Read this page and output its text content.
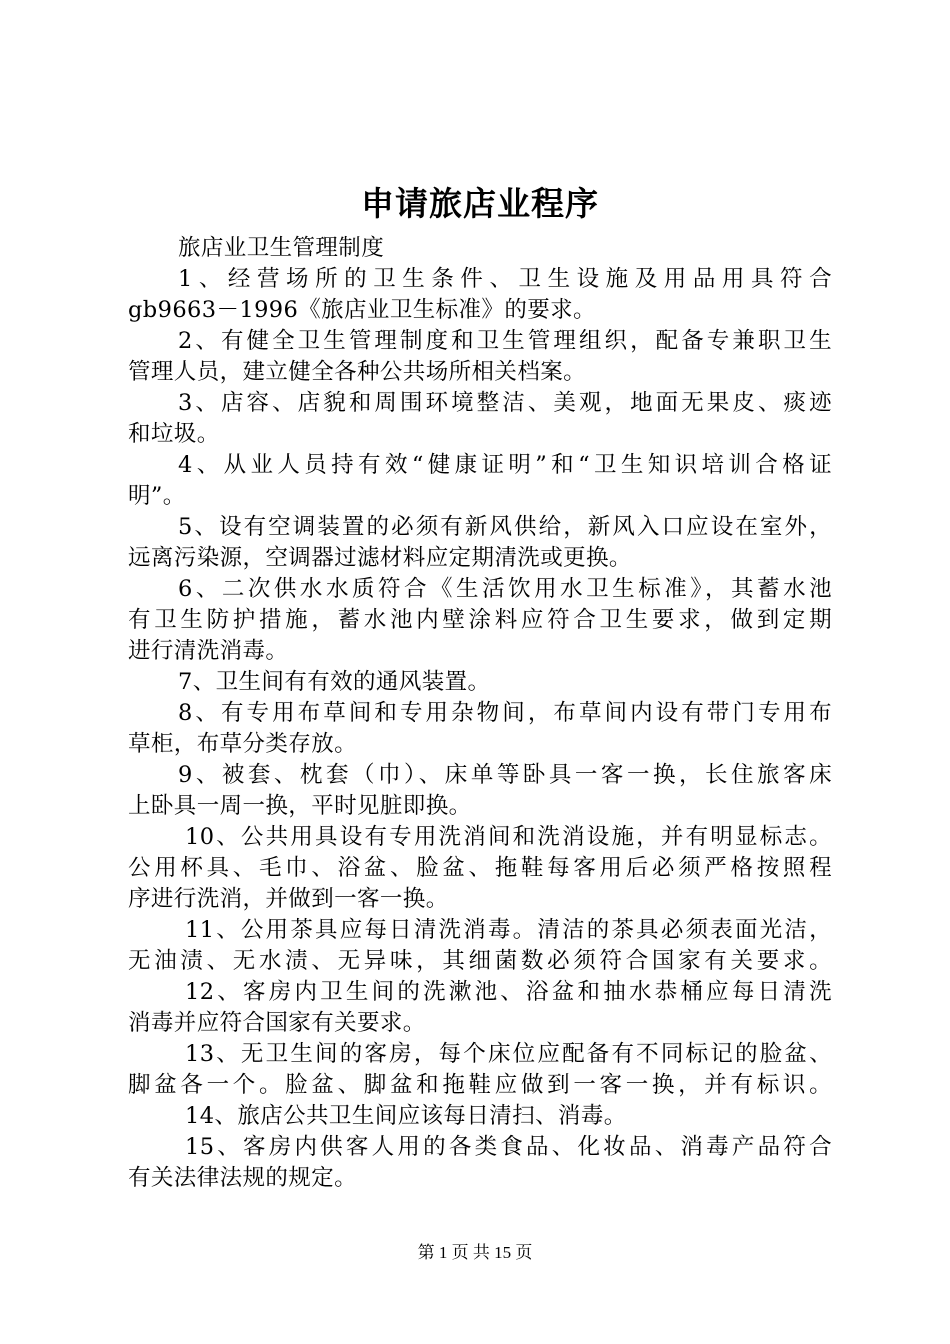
申请旅店业程序
旅店业卫生管理制度
1、经营场所的卫生条件、卫生设施及用品用具符合
gb9663－1996《旅店业卫生标准》的要求。
2、有健全卫生管理制度和卫生管理组织，配备专兼职卫生
管理人员，建立健全各种公共场所相关档案。
3、店容、店貌和周围环境整洁、美观，地面无果皮、痰迹
和垃圾。
4、从业人员持有效“健康证明”和“卫生知识培训合格证
明”。
5、设有空调装置的必须有新风供给，新风入口应设在室外，
远离污染源，空调器过滤材料应定期清洗或更换。
6、二次供水水质符合《生活饮用水卫生标准》，其蓄水池
有卫生防护措施，蓄水池内壁涂料应符合卫生要求，做到定期
进行清洗消毒。
7、卫生间有有效的通风装置。
8、有专用布草间和专用杂物间，布草间内设有带门专用布
草柜，布草分类存放。
9、被套、枕套（巾）、床单等卧具一客一换，长住旅客床
上卧具一周一换，平时见脏即换。
10、公共用具设有专用洗消间和洗消设施，并有明显标志。
公用杯具、毛巾、浴盆、脸盆、拖鞋每客用后必须严格按照程
序进行洗消，并做到一客一换。
11、公用茶具应每日清洗消毒。清洁的茶具必须表面光洁，
无油渍、无水渍、无异味，其细菌数必须符合国家有关要求。
12、客房内卫生间的洗漱池、浴盆和抽水恭桶应每日清洗
消毒并应符合国家有关要求。
13、无卫生间的客房，每个床位应配备有不同标记的脸盆、
脚盆各一个。脸盆、脚盆和拖鞋应做到一客一换，并有标识。
14、旅店公共卫生间应该每日清扫、消毒。
15、客房内供客人用的各类食品、化妆品、消毒产品符合
有关法律法规的规定。
第 1 页 共 15 页
